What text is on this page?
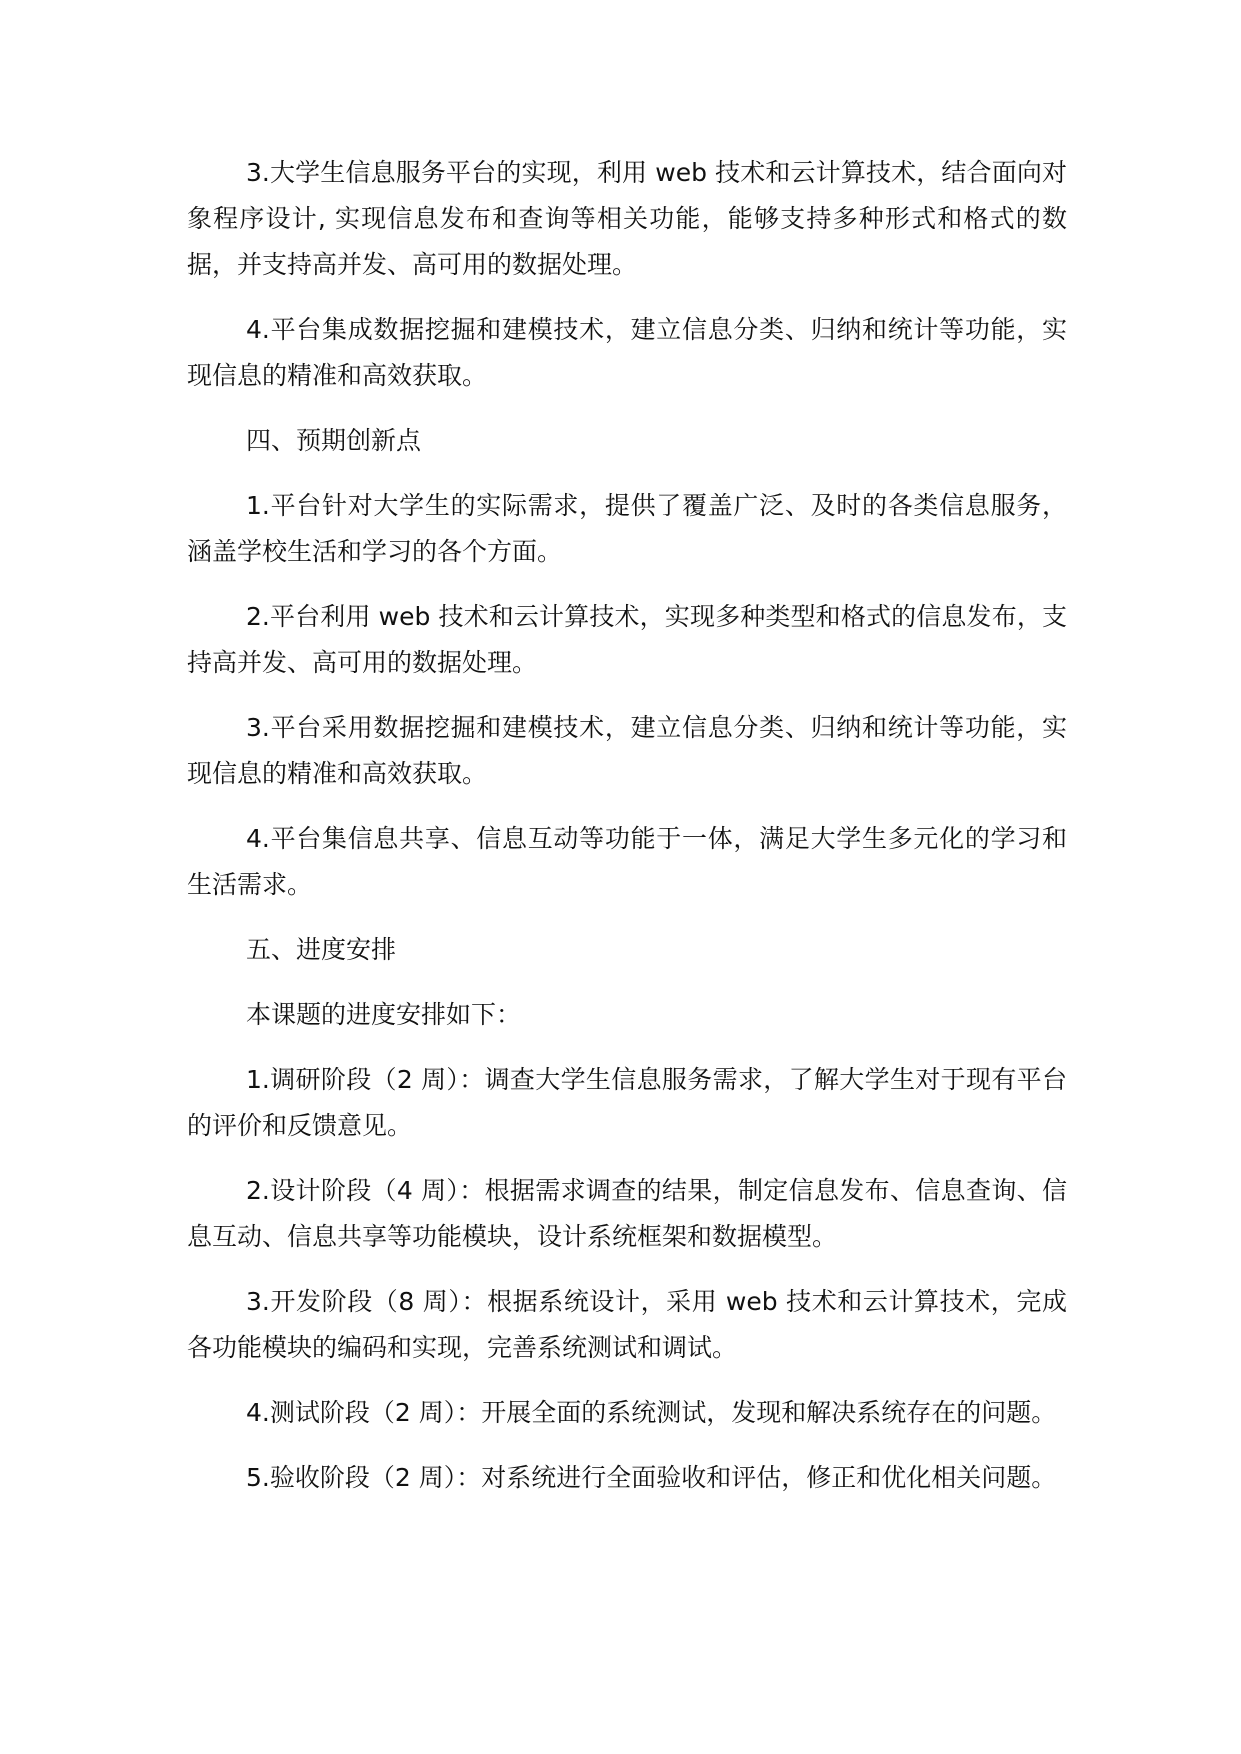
3.大学生信息服务平台的实现，利用 web 技术和云计算技术，结合面向对象程序设计, 实现信息发布和查询等相关功能，能够支持多种形式和格式的数据，并支持高并发、高可用的数据处理。

4.平台集成数据挖掘和建模技术，建立信息分类、归纳和统计等功能，实现信息的精准和高效获取。

四、预期创新点

1.平台针对大学生的实际需求，提供了覆盖广泛、及时的各类信息服务，涵盖学校生活和学习的各个方面。

2.平台利用 web 技术和云计算技术，实现多种类型和格式的信息发布，支持高并发、高可用的数据处理。

3.平台采用数据挖掘和建模技术，建立信息分类、归纳和统计等功能，实现信息的精准和高效获取。

4.平台集信息共享、信息互动等功能于一体，满足大学生多元化的学习和生活需求。

五、进度安排

本课题的进度安排如下：

1.调研阶段（2 周）：调查大学生信息服务需求，了解大学生对于现有平台的评价和反馈意见。

2.设计阶段（4 周）：根据需求调查的结果，制定信息发布、信息查询、信息互动、信息共享等功能模块，设计系统框架和数据模型。

3.开发阶段（8 周）：根据系统设计，采用 web 技术和云计算技术，完成各功能模块的编码和实现，完善系统测试和调试。

4.测试阶段（2 周）：开展全面的系统测试，发现和解决系统存在的问题。

5.验收阶段（2 周）：对系统进行全面验收和评估，修正和优化相关问题。
